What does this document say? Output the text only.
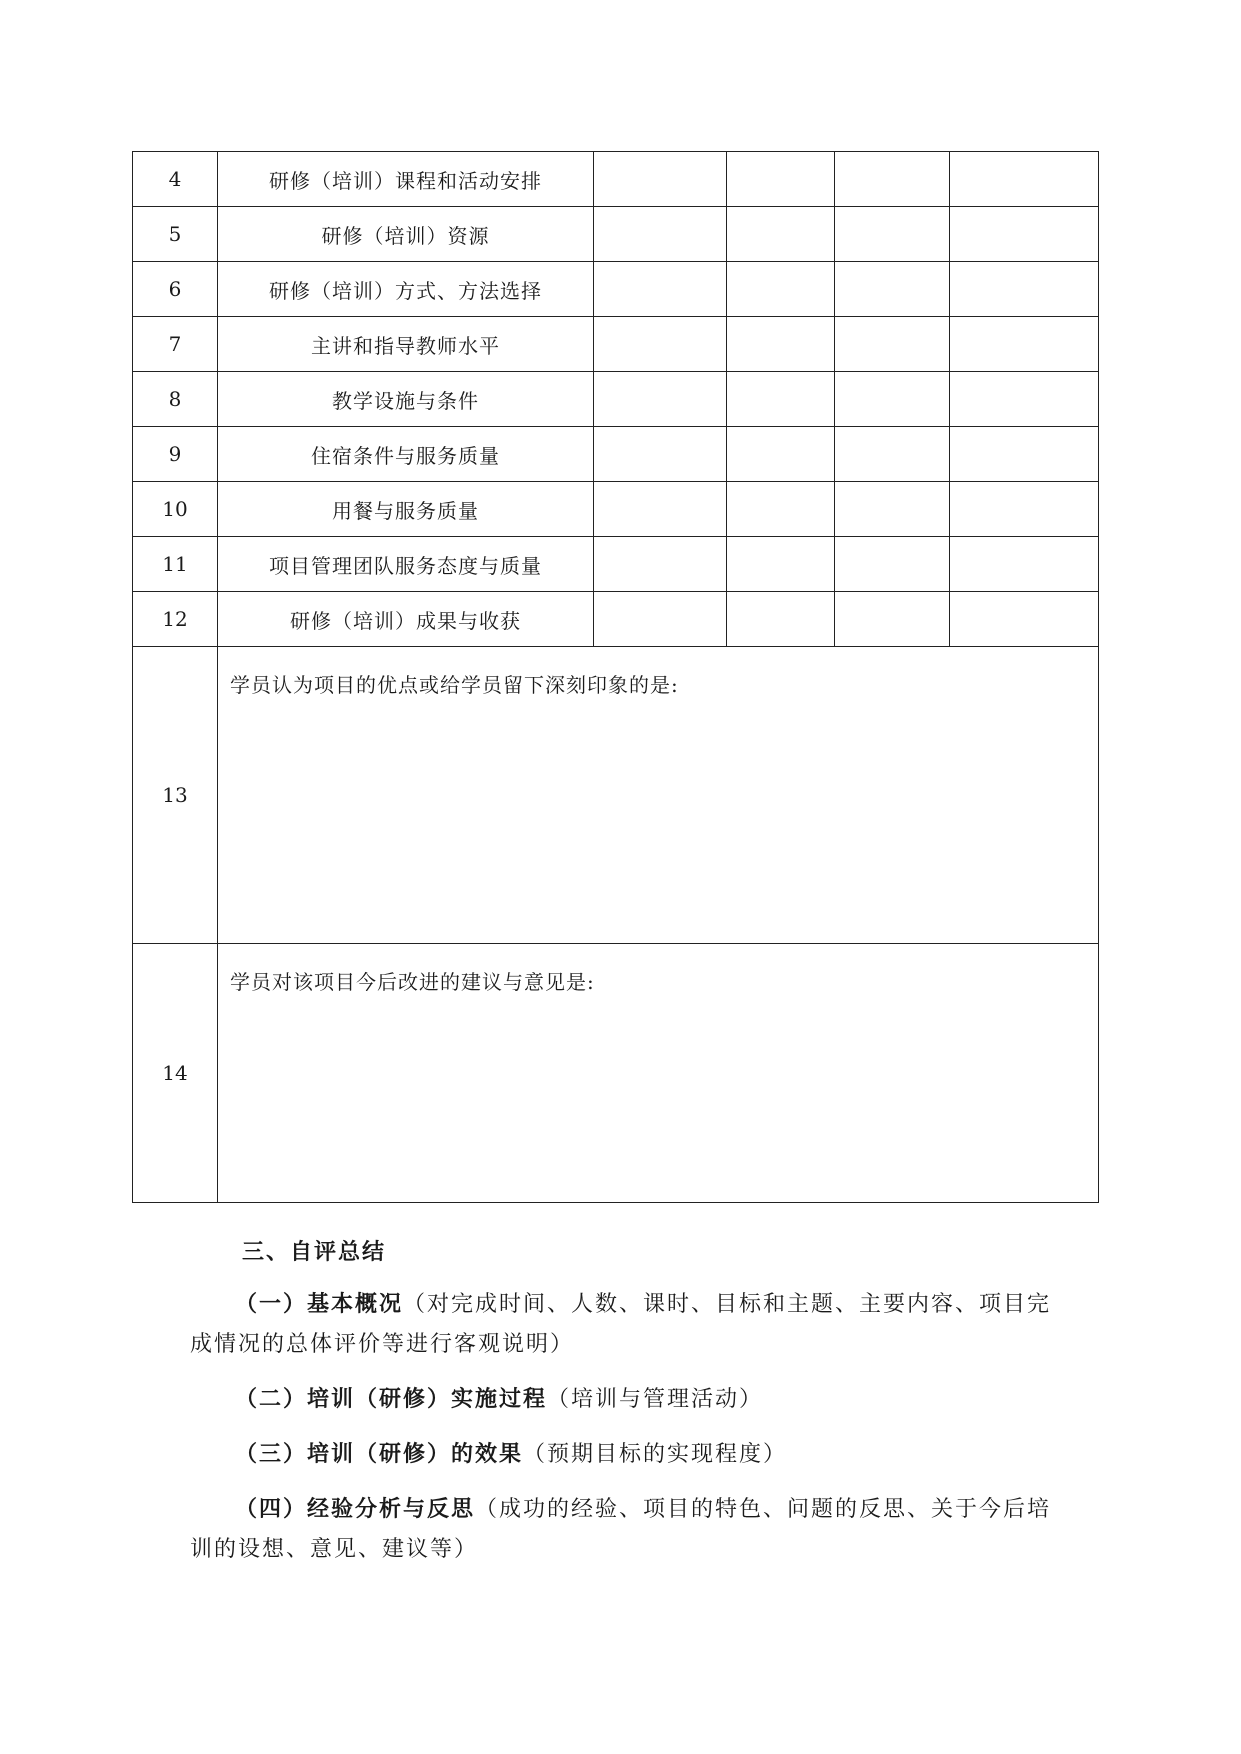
4	研修（培训）课程和活动安排				
5	研修（培训）资源				
6	研修（培训）方式、方法选择				
7	主讲和指导教师水平				
8	教学设施与条件				
9	住宿条件与服务质量				
10	用餐与服务质量				
11	项目管理团队服务态度与质量				
12	研修（培训）成果与收获				
13	学员认为项目的优点或给学员留下深刻印象的是:				
14	学员对该项目今后改进的建议与意见是:				
三、自评总结

（一）基本概况（对完成时间、人数、课时、目标和主题、主要内容、项目完成情况的总体评价等进行客观说明）

（二）培训（研修）实施过程（培训与管理活动）

（三）培训（研修）的效果（预期目标的实现程度）

（四）经验分析与反思（成功的经验、项目的特色、问题的反思、关于今后培训的设想、意见、建议等）
